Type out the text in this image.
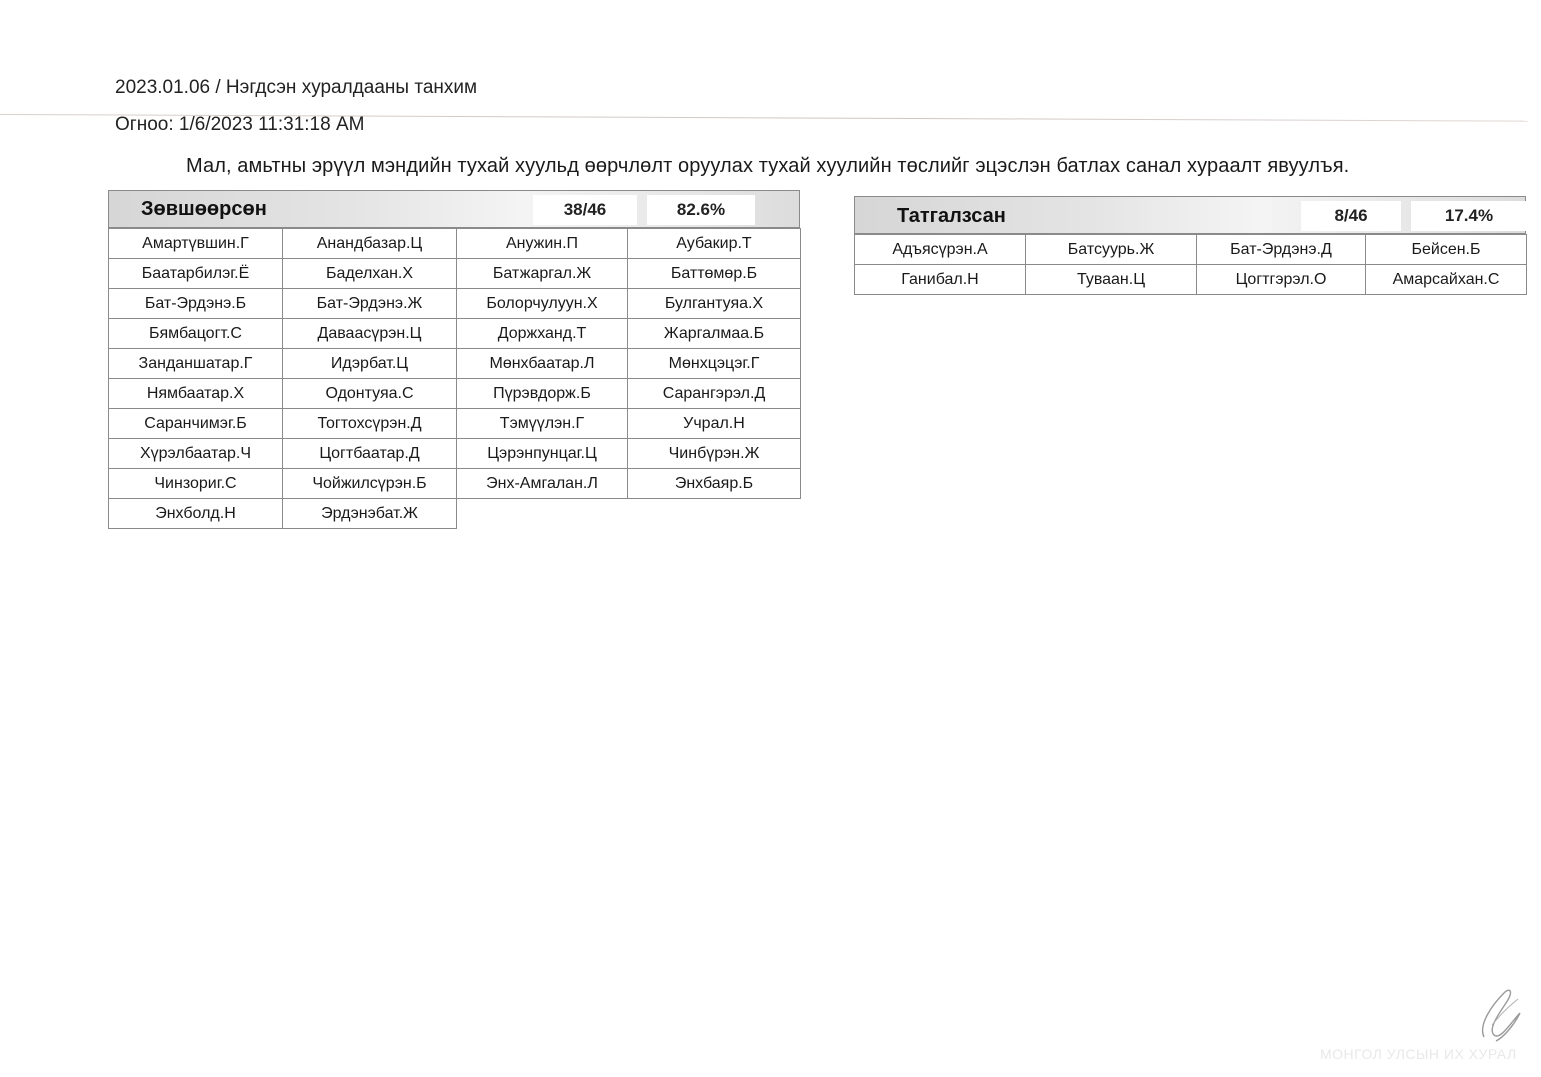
2023.01.06 / Нэгдсэн хуралдааны танхим
Огноо: 1/6/2023 11:31:18 AM
Мал, амьтны эрүүл мэндийн тухай хуульд өөрчлөлт оруулах тухай хуулийн төслийг эцэслэн батлах санал хураалт явуулъя.
Зөвшөөрсөн	38/46	82.6%
Амартүвшин.Г	Анандбазар.Ц	Анужин.П	Аубакир.Т
Баатарбилэг.Ё	Баделхан.Х	Батжаргал.Ж	Баттөмөр.Б
Бат-Эрдэнэ.Б	Бат-Эрдэнэ.Ж	Болорчулуун.Х	Булгантуяа.Х
Бямбацогт.С	Даваасүрэн.Ц	Доржханд.Т	Жаргалмаа.Б
Занданшатар.Г	Идэрбат.Ц	Мөнхбаатар.Л	Мөнхцэцэг.Г
Нямбаатар.Х	Одонтуяа.С	Пүрэвдорж.Б	Сарангэрэл.Д
Саранчимэг.Б	Тогтохсүрэн.Д	Тэмүүлэн.Г	Учрал.Н
Хүрэлбаатар.Ч	Цогтбаатар.Д	Цэрэнпунцаг.Ц	Чинбүрэн.Ж
Чинзориг.С	Чойжилсүрэн.Б	Энх-Амгалан.Л	Энхбаяр.Б
Энхболд.Н	Эрдэнэбат.Ж		
Татгалзсан	8/46	17.4%
Адъясүрэн.А	Батсуурь.Ж	Бат-Эрдэнэ.Д	Бейсен.Б
Ганибал.Н	Туваан.Ц	Цогтгэрэл.О	Амарсайхан.С
МОНГОЛ УЛСЫН ИХ ХУРАЛ
